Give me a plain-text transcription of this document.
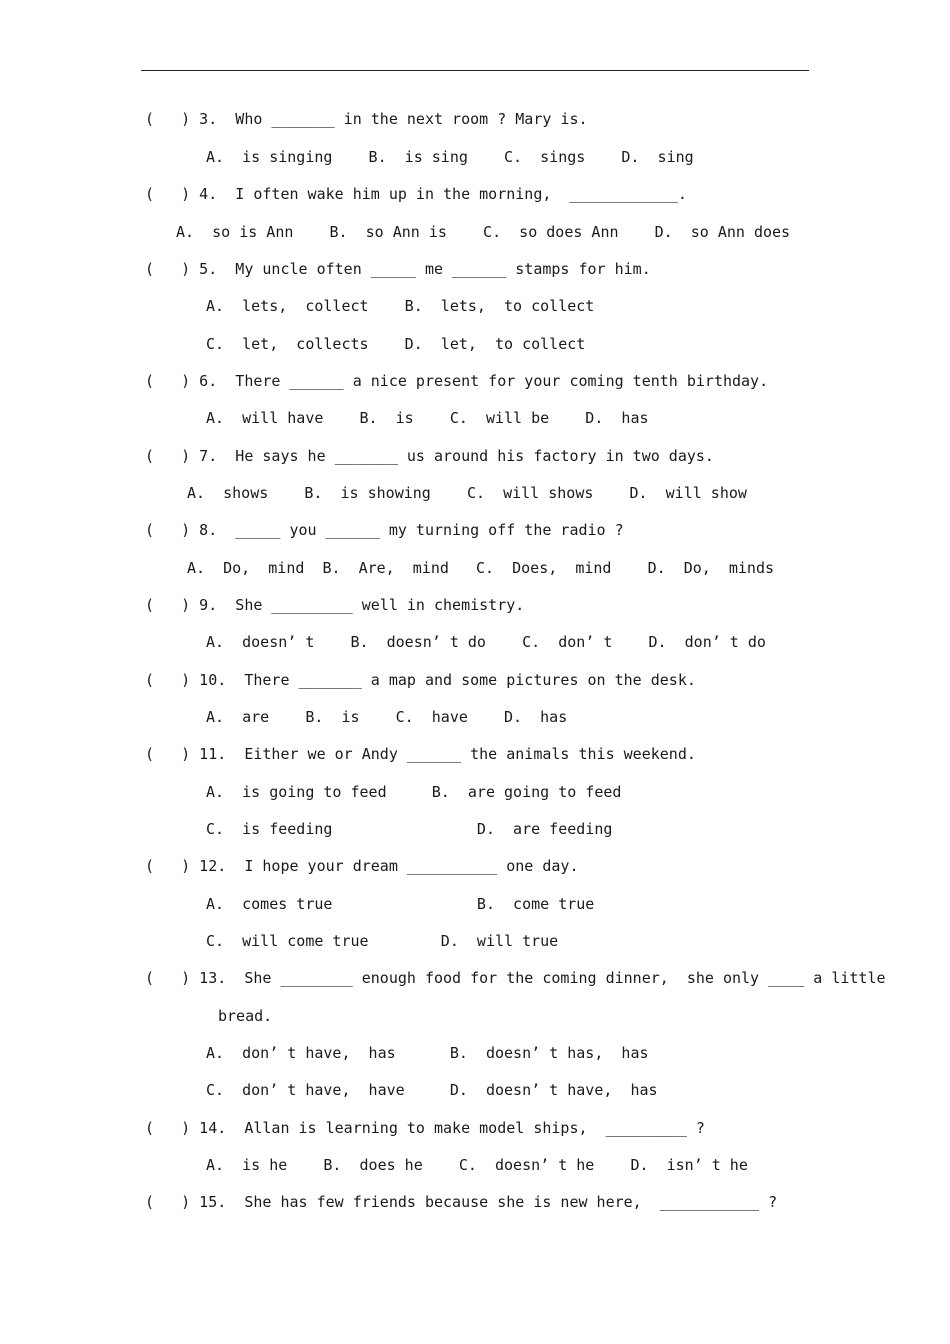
(   ) 3.  Who _______ in the next room ? Mary is.
A.  is singing    B.  is sing    C.  sings    D.  sing
(   ) 4.  I often wake him up in the morning,  ____________.
A.  so is Ann    B.  so Ann is    C.  so does Ann    D.  so Ann does
(   ) 5.  My uncle often _____ me ______ stamps for him.
A.  lets,  collect    B.  lets,  to collect
C.  let,  collects    D.  let,  to collect
(   ) 6.  There ______ a nice present for your coming tenth birthday.
A.  will have    B.  is    C.  will be    D.  has
(   ) 7.  He says he _______ us around his factory in two days.
A.  shows    B.  is showing    C.  will shows    D.  will show
(   ) 8.  _____ you ______ my turning off the radio ?
A.  Do,  mind  B.  Are,  mind   C.  Does,  mind    D.  Do,  minds
(   ) 9.  She _________ well in chemistry.
A.  doesn’ t    B.  doesn’ t do    C.  don’ t    D.  don’ t do
(   ) 10.  There _______ a map and some pictures on the desk.
A.  are    B.  is    C.  have    D.  has
(   ) 11.  Either we or Andy ______ the animals this weekend.
A.  is going to feed     B.  are going to feed
C.  is feeding                D.  are feeding
(   ) 12.  I hope your dream __________ one day.
A.  comes true                B.  come true
C.  will come true        D.  will true
(   ) 13.  She ________ enough food for the coming dinner,  she only ____ a little
bread.
A.  don’ t have,  has      B.  doesn’ t has,  has
C.  don’ t have,  have     D.  doesn’ t have,  has
(   ) 14.  Allan is learning to make model ships,  _________ ?
A.  is he    B.  does he    C.  doesn’ t he    D.  isn’ t he
(   ) 15.  She has few friends because she is new here,  ___________ ?
